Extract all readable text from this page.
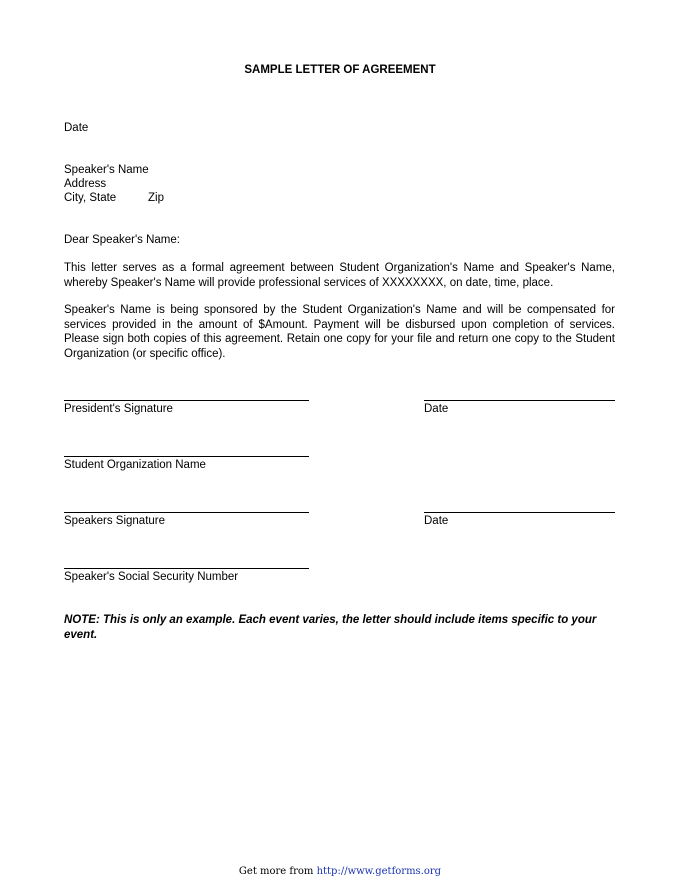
SAMPLE LETTER OF AGREEMENT
Date
Speaker's Name
Address
City, State	Zip
Dear Speaker's Name:
This letter serves as a formal agreement between Student Organization's Name and Speaker's Name, whereby Speaker's Name will provide professional services of XXXXXXXX, on date, time, place.
Speaker's Name is being sponsored by the Student Organization's Name and will be compensated for services provided in the amount of $Amount. Payment will be disbursed upon completion of services. Please sign both copies of this agreement. Retain one copy for your file and return one copy to the Student Organization (or specific office).
President's Signature	Date
Student Organization Name
Speakers Signature	Date
Speaker's Social Security Number
NOTE: This is only an example. Each event varies, the letter should include items specific to your event.
Get more from http://www.getforms.org
